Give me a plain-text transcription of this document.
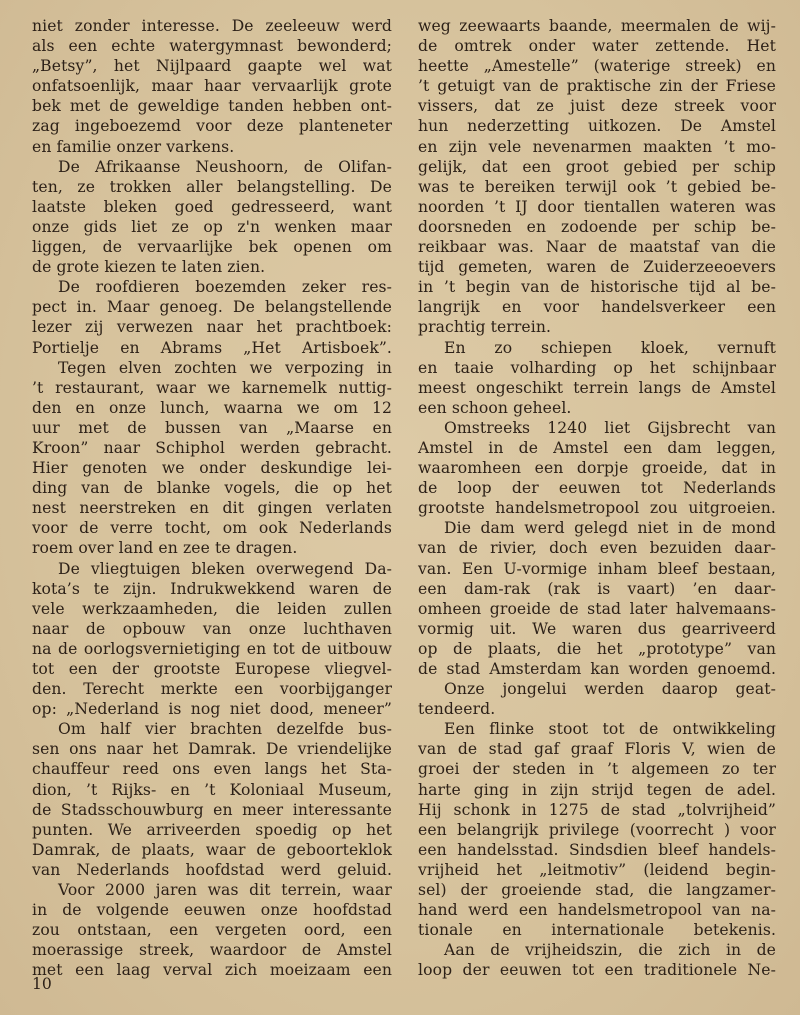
niet zonder interesse. De zeeleeuw werd
als een echte watergymnast bewonderd;
„Betsy”, het Nijlpaard gaapte wel wat
onfatsoenlijk, maar haar vervaarlijk grote
bek met de geweldige tanden hebben ont-
zag ingeboezemd voor deze planteneter
en familie onzer varkens.
De Afrikaanse Neushoorn, de Olifan-
ten, ze trokken aller belangstelling. De
laatste bleken goed gedresseerd, want
onze gids liet ze op z'n wenken maar
liggen, de vervaarlijke bek openen om
de grote kiezen te laten zien.
De roofdieren boezemden zeker res-
pect in. Maar genoeg. De belangstellende
lezer zij verwezen naar het prachtboek:
Portielje en Abrams „Het Artisboek”.
Tegen elven zochten we verpozing in
’t restaurant, waar we karnemelk nuttig-
den en onze lunch, waarna we om 12
uur met de bussen van „Maarse en
Kroon” naar Schiphol werden gebracht.
Hier genoten we onder deskundige lei-
ding van de blanke vogels, die op het
nest neerstreken en dit gingen verlaten
voor de verre tocht, om ook Nederlands
roem over land en zee te dragen.
De vliegtuigen bleken overwegend Da-
kota’s te zijn. Indrukwekkend waren de
vele werkzaamheden, die leiden zullen
naar de opbouw van onze luchthaven
na de oorlogsvernietiging en tot de uitbouw
tot een der grootste Europese vliegvel-
den. Terecht merkte een voorbijganger
op: „Nederland is nog niet dood, meneer”
Om half vier brachten dezelfde bus-
sen ons naar het Damrak. De vriendelijke
chauffeur reed ons even langs het Sta-
dion, ’t Rijks- en ’t Koloniaal Museum,
de Stadsschouwburg en meer interessante
punten. We arriveerden spoedig op het
Damrak, de plaats, waar de geboorteklok
van Nederlands hoofdstad werd geluid.
Voor 2000 jaren was dit terrein, waar
in de volgende eeuwen onze hoofdstad
zou ontstaan, een vergeten oord, een
moerassige streek, waardoor de Amstel
met een laag verval zich moeizaam een
weg zeewaarts baande, meermalen de wij-
de omtrek onder water zettende. Het
heette „Amestelle” (waterige streek) en
’t getuigt van de praktische zin der Friese
vissers, dat ze juist deze streek voor
hun nederzetting uitkozen. De Amstel
en zijn vele nevenarmen maakten ’t mo-
gelijk, dat een groot gebied per schip
was te bereiken terwijl ook ’t gebied be-
noorden ’t IJ door tientallen wateren was
doorsneden en zodoende per schip be-
reikbaar was. Naar de maatstaf van die
tijd gemeten, waren de Zuiderzeeoevers
in ’t begin van de historische tijd al be-
langrijk en voor handelsverkeer een
prachtig terrein.
En zo schiepen kloek, vernuft
en taaie volharding op het schijnbaar
meest ongeschikt terrein langs de Amstel
een schoon geheel.
Omstreeks 1240 liet Gijsbrecht van
Amstel in de Amstel een dam leggen,
waaromheen een dorpje groeide, dat in
de loop der eeuwen tot Nederlands
grootste handelsmetropool zou uitgroeien.
Die dam werd gelegd niet in de mond
van de rivier, doch even bezuiden daar-
van. Een U-vormige inham bleef bestaan,
een dam-rak (rak is vaart) ’en daar-
omheen groeide de stad later halvemaans-
vormig uit. We waren dus gearriveerd
op de plaats, die het „prototype” van
de stad Amsterdam kan worden genoemd.
Onze jongelui werden daarop geat-
tendeerd.
Een flinke stoot tot de ontwikkeling
van de stad gaf graaf Floris V, wien de
groei der steden in ’t algemeen zo ter
harte ging in zijn strijd tegen de adel.
Hij schonk in 1275 de stad „tolvrijheid”
een belangrijk privilege (voorrecht ) voor
een handelsstad. Sindsdien bleef handels-
vrijheid het „leitmotiv” (leidend begin-
sel) der groeiende stad, die langzamer-
hand werd een handelsmetropool van na-
tionale en internationale betekenis.
Aan de vrijheidszin, die zich in de
loop der eeuwen tot een traditionele Ne-
10
